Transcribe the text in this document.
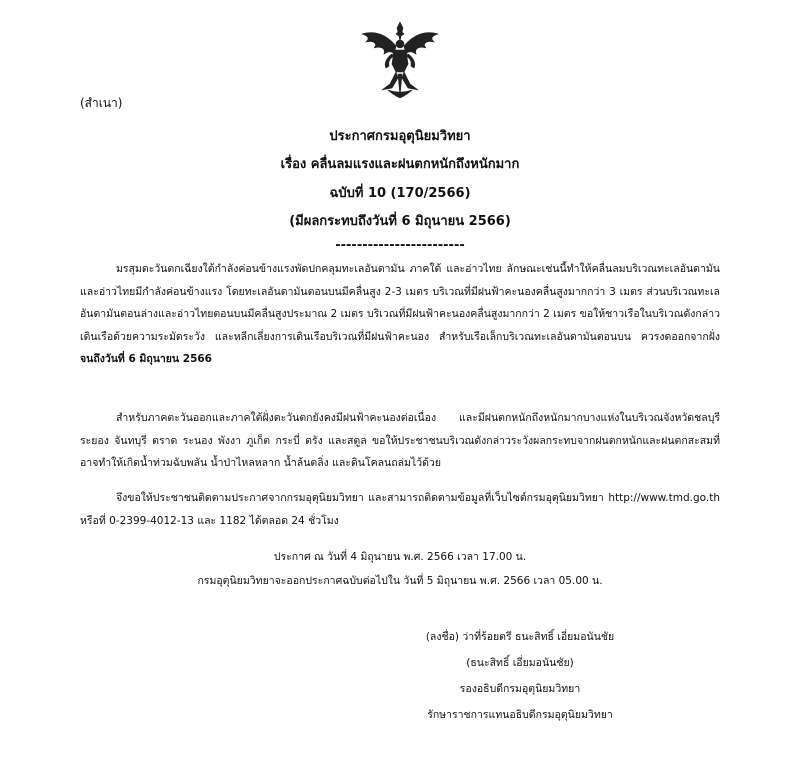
(สำเนา)
ประกาศกรมอุตุนิยมวิทยา
เรื่อง คลื่นลมแรงและฝนตกหนักถึงหนักมาก
ฉบับที่ 10 (170/2566)
(มีผลกระทบถึงวันที่ 6 มิถุนายน 2566)
------------------------
มรสุมตะวันตกเฉียงใต้กำลังค่อนข้างแรงพัดปกคลุมทะเลอันดามัน ภาคใต้ และอ่าวไทย ลักษณะเช่นนี้ทำให้คลื่นลมบริเวณทะเลอันดามันและอ่าวไทยมีกำลังค่อนข้างแรง โดยทะเลอันดามันตอนบนมีคลื่นสูง 2-3 เมตร บริเวณที่มีฝนฟ้าคะนองคลื่นสูงมากกว่า 3 เมตร ส่วนบริเวณทะเลอันดามันตอนล่างและอ่าวไทยตอนบนมีคลื่นสูงประมาณ 2 เมตร บริเวณที่มีฝนฟ้าคะนองคลื่นสูงมากกว่า 2 เมตร ขอให้ชาวเรือในบริเวณดังกล่าวเดินเรือด้วยความระมัดระวัง และหลีกเลี่ยงการเดินเรือบริเวณที่มีฝนฟ้าคะนอง สำหรับเรือเล็กบริเวณทะเลอันดามันตอนบน ควรงดออกจากฝั่งจนถึงวันที่ 6 มิถุนายน 2566
สำหรับภาคตะวันออกและภาคใต้ฝั่งตะวันตกยังคงมีฝนฟ้าคะนองต่อเนื่อง และมีฝนตกหนักถึงหนักมากบางแห่งในบริเวณจังหวัดชลบุรี ระยอง จันทบุรี ตราด ระนอง พังงา ภูเก็ต กระบี่ ตรัง และสตูล ขอให้ประชาชนบริเวณดังกล่าวระวังผลกระทบจากฝนตกหนักและฝนตกสะสมที่อาจทำให้เกิดน้ำท่วมฉับพลัน น้ำป่าไหลหลาก น้ำล้นตลิ่ง และดินโคลนถล่มไว้ด้วย
จึงขอให้ประชาชนติดตามประกาศจากกรมอุตุนิยมวิทยา และสามารถติดตามข้อมูลที่เว็บไซต์กรมอุตุนิยมวิทยา http://www.tmd.go.th หรือที่ 0-2399-4012-13 และ 1182 ได้ตลอด 24 ชั่วโมง
ประกาศ ณ วันที่ 4 มิถุนายน พ.ศ. 2566 เวลา 17.00 น.
กรมอุตุนิยมวิทยาจะออกประกาศฉบับต่อไปใน วันที่ 5 มิถุนายน พ.ศ. 2566 เวลา 05.00 น.
(ลงชื่อ) ว่าที่ร้อยตรี ธนะสิทธิ์ เอี่ยมอนันชัย
(ธนะสิทธิ์ เอี่ยมอนันชัย)
รองอธิบดีกรมอุตุนิยมวิทยา
รักษาราชการแทนอธิบดีกรมอุตุนิยมวิทยา
